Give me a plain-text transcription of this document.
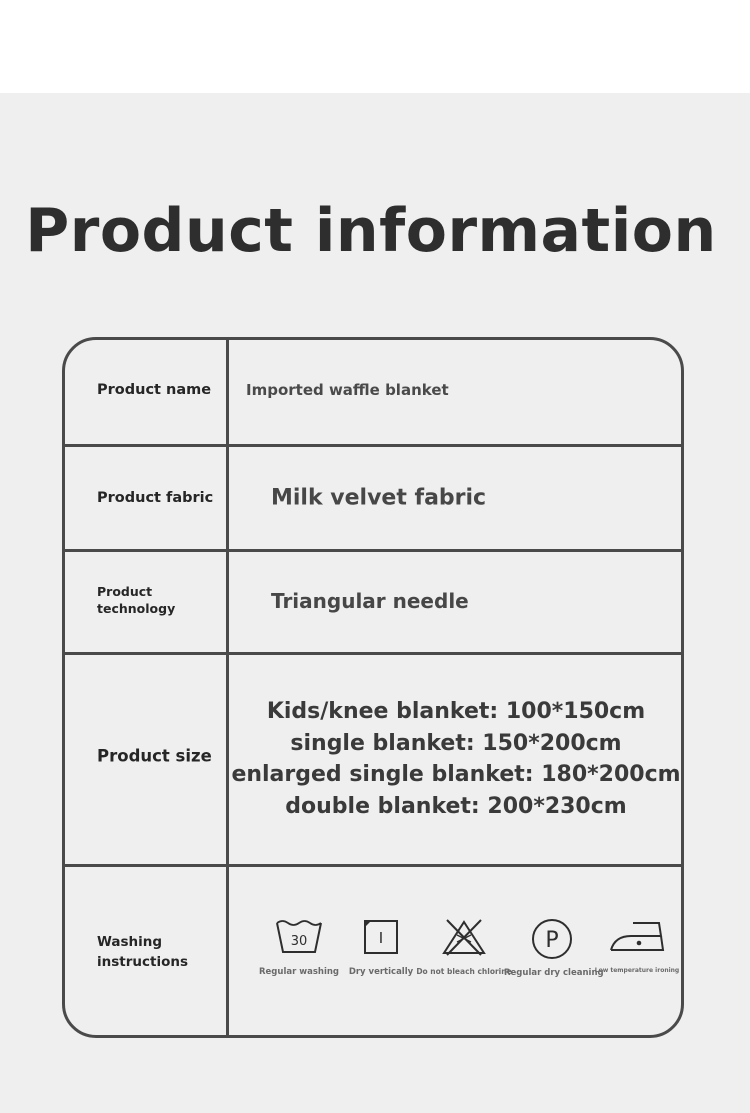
Product information
Product name Imported waffle blanket
Product fabric	Milk velvet fabric
Product
technology	Triangular needle
Product size
Kids/knee blanket: 100*150cm
single blanket: 150*200cm
enlarged single blanket: 180*200cm
double blanket: 200*230cm
Washing
instructions
30
Regular washing
I
Dry vertically Do not bleach chlorine
P
Regular dry cleaning
Low temperature ironing
